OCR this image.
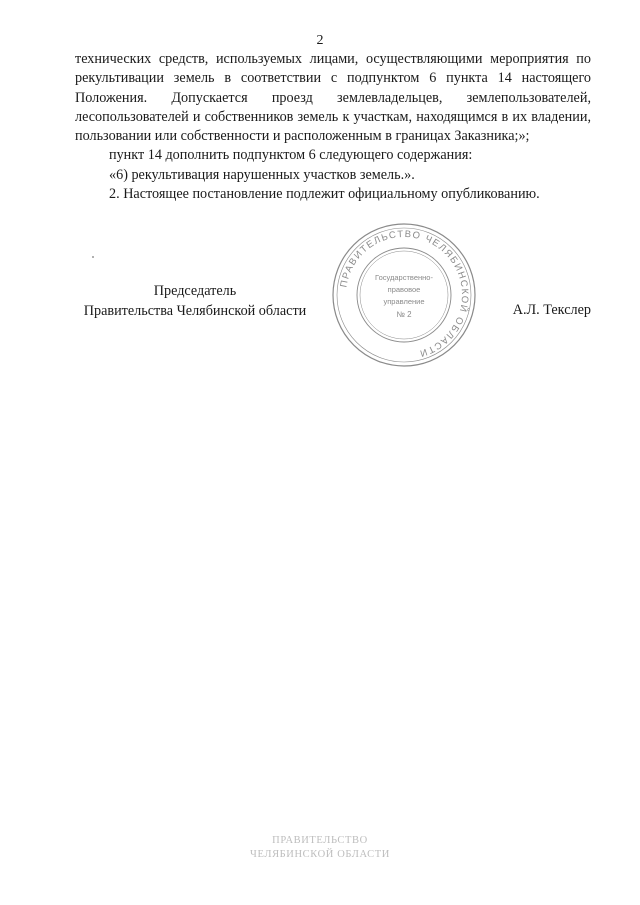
2

технических средств, используемых лицами, осуществляющими мероприятия по рекультивации земель в соответствии с подпунктом 6 пункта 14 настоящего Положения. Допускается проезд землевладельцев, землепользователей, лесопользователей и собственников земель к участкам, находящимся в их владении, пользовании или собственности и расположенным в границах Заказника;»;

пункт 14 дополнить подпунктом 6 следующего содержания:

«6) рекультивация нарушенных участков земель.».

2. Настоящее постановление подлежит официальному опубликованию.

Председатель
Правительства Челябинской области
ПРАВИТЕЛЬСТВО ЧЕЛЯБИНСКОЙ ОБЛАСТИ
Государственно-
правовое
управление
№ 2	А.Л. Текслер
ПРАВИТЕЛЬСТВО
ЧЕЛЯБИНСКОЙ ОБЛАСТИ
